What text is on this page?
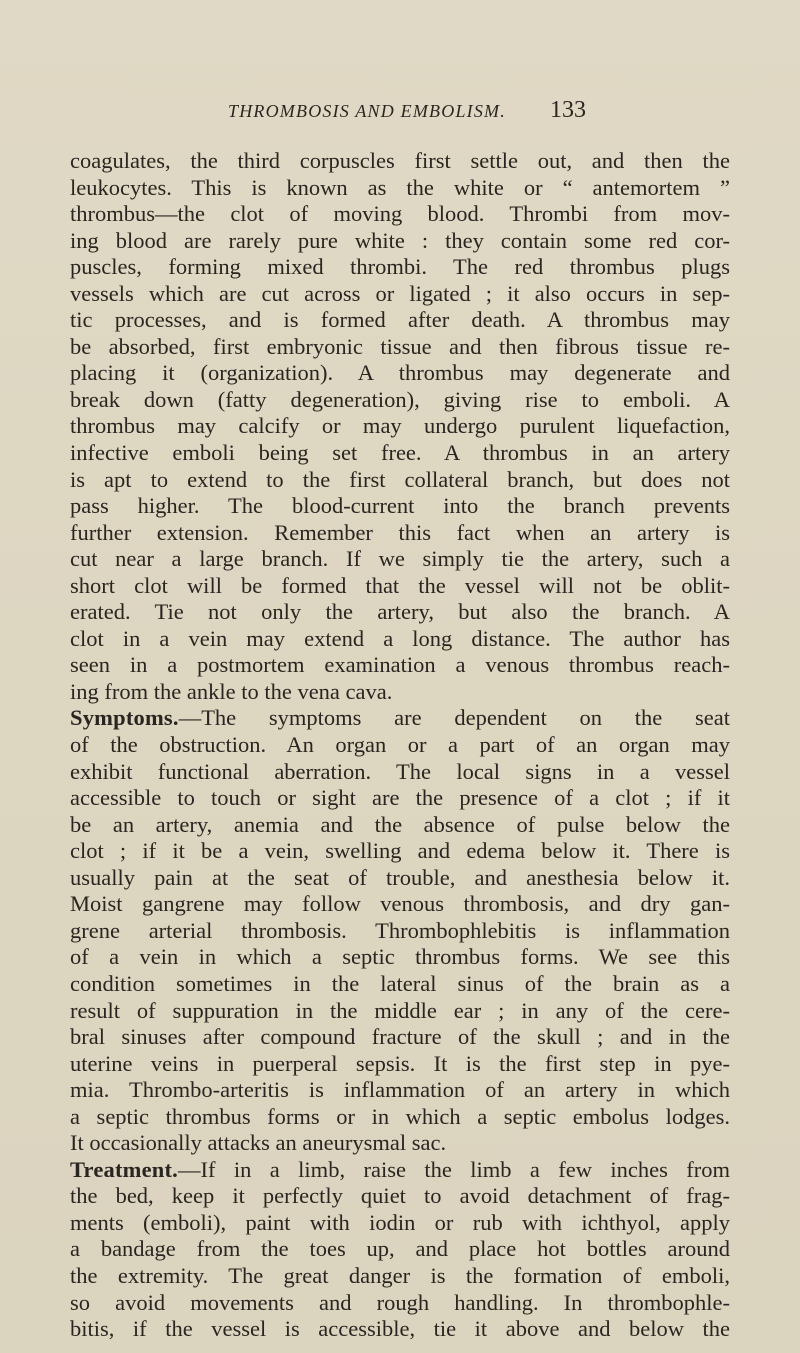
THROMBOSIS AND EMBOLISM. 133
coagulates, the third corpuscles first settle out, and then the
leukocytes. This is known as the white or “ antemortem ”
thrombus—the clot of moving blood. Thrombi from mov-
ing blood are rarely pure white : they contain some red cor-
puscles, forming mixed thrombi. The red thrombus plugs
vessels which are cut across or ligated ; it also occurs in sep-
tic processes, and is formed after death. A thrombus may
be absorbed, first embryonic tissue and then fibrous tissue re-
placing it (organization). A thrombus may degenerate and
break down (fatty degeneration), giving rise to emboli. A
thrombus may calcify or may undergo purulent liquefaction,
infective emboli being set free. A thrombus in an artery
is apt to extend to the first collateral branch, but does not
pass higher. The blood-current into the branch prevents
further extension. Remember this fact when an artery is
cut near a large branch. If we simply tie the artery, such a
short clot will be formed that the vessel will not be oblit-
erated. Tie not only the artery, but also the branch. A
clot in a vein may extend a long distance. The author has
seen in a postmortem examination a venous thrombus reach-
ing from the ankle to the vena cava.
Symptoms.—The symptoms are dependent on the seat
of the obstruction. An organ or a part of an organ may
exhibit functional aberration. The local signs in a vessel
accessible to touch or sight are the presence of a clot ; if it
be an artery, anemia and the absence of pulse below the
clot ; if it be a vein, swelling and edema below it. There is
usually pain at the seat of trouble, and anesthesia below it.
Moist gangrene may follow venous thrombosis, and dry gan-
grene arterial thrombosis. Thrombophlebitis is inflammation
of a vein in which a septic thrombus forms. We see this
condition sometimes in the lateral sinus of the brain as a
result of suppuration in the middle ear ; in any of the cere-
bral sinuses after compound fracture of the skull ; and in the
uterine veins in puerperal sepsis. It is the first step in pye-
mia. Thrombo-arteritis is inflammation of an artery in which
a septic thrombus forms or in which a septic embolus lodges.
It occasionally attacks an aneurysmal sac.
Treatment.—If in a limb, raise the limb a few inches from
the bed, keep it perfectly quiet to avoid detachment of frag-
ments (emboli), paint with iodin or rub with ichthyol, apply
a bandage from the toes up, and place hot bottles around
the extremity. The great danger is the formation of emboli,
so avoid movements and rough handling. In thrombophle-
bitis, if the vessel is accessible, tie it above and below the
